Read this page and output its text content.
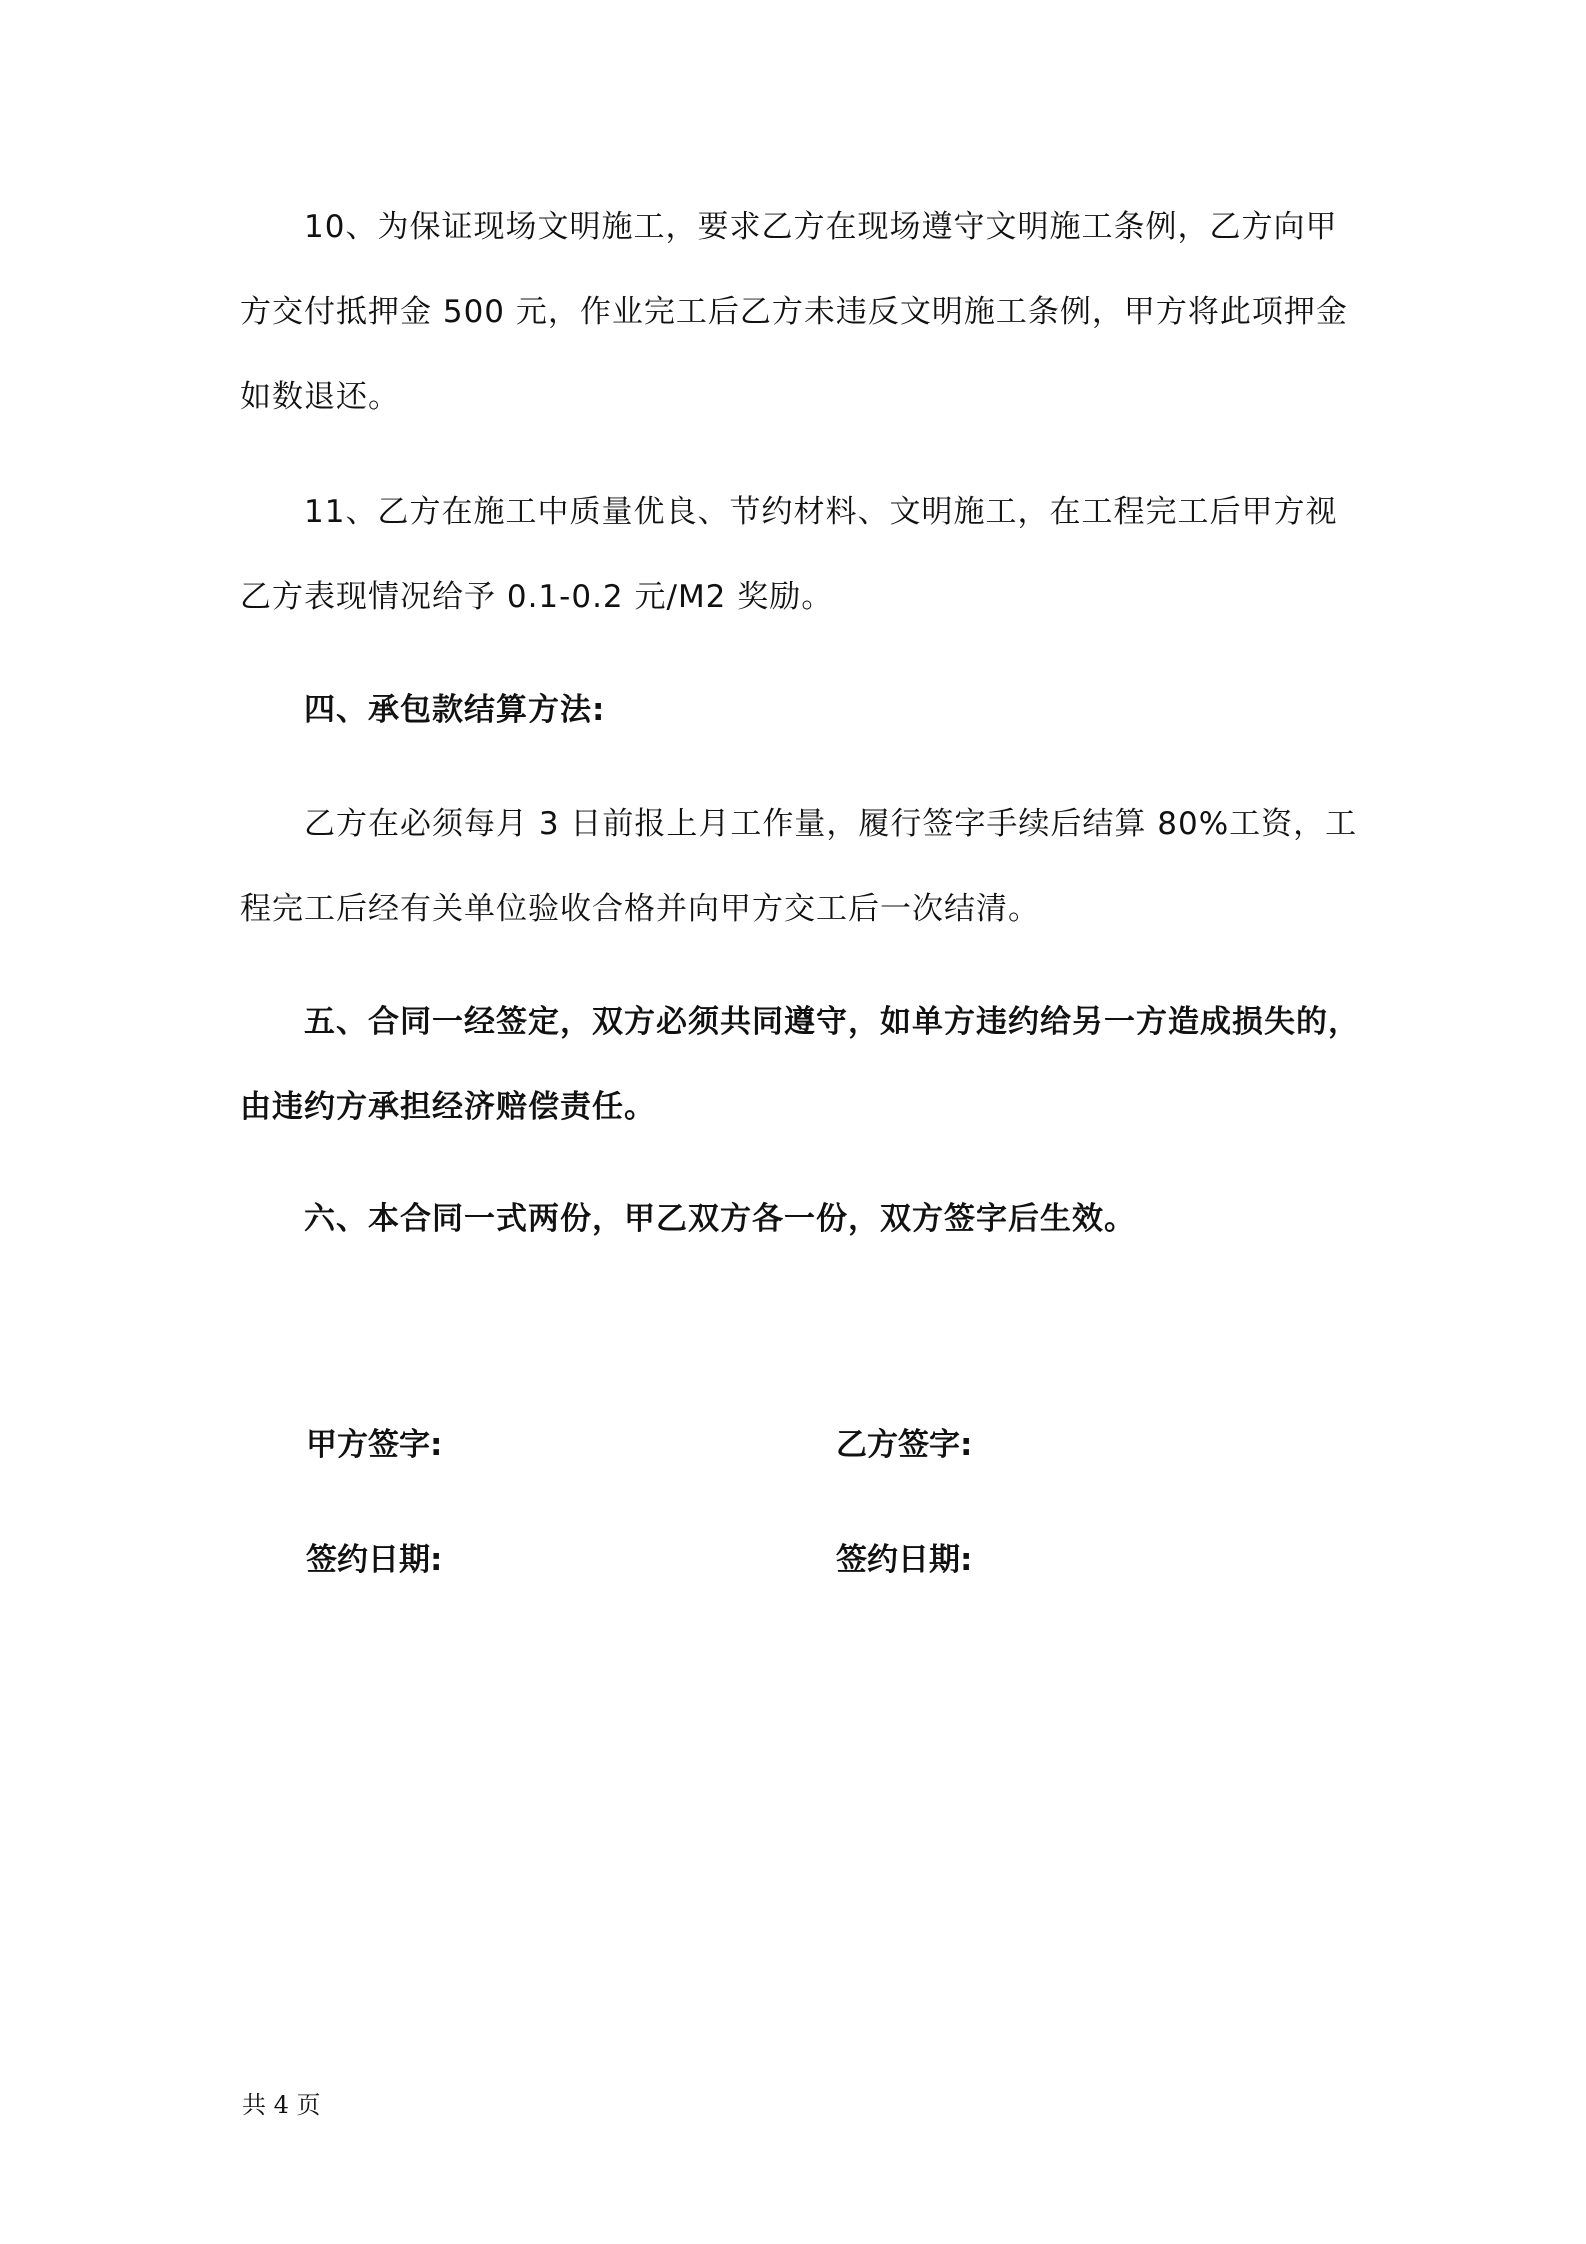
10、为保证现场文明施工，要求乙方在现场遵守文明施工条例，乙方向甲方交付抵押金 500 元，作业完工后乙方未违反文明施工条例，甲方将此项押金如数退还。

11、乙方在施工中质量优良、节约材料、文明施工，在工程完工后甲方视乙方表现情况给予 0.1-0.2 元/M2 奖励。

四、承包款结算方法:

乙方在必须每月 3 日前报上月工作量，履行签字手续后结算 80%工资，工程完工后经有关单位验收合格并向甲方交工后一次结清。

五、合同一经签定，双方必须共同遵守，如单方违约给另一方造成损失的，由违约方承担经济赔偿责任。

六、本合同一式两份，甲乙双方各一份，双方签字后生效。

甲方签字:	乙方签字:

签约日期:	签约日期:

共 4 页
